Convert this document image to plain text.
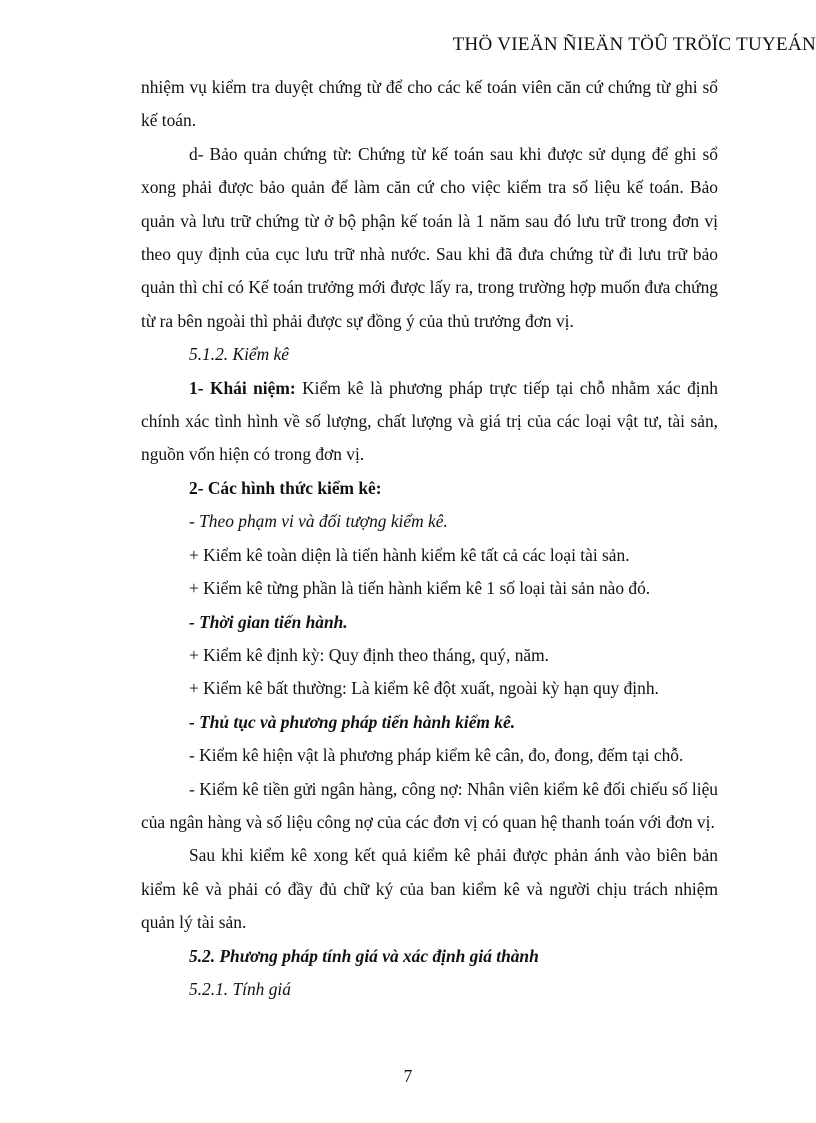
THÖ VIEÄN ÑIEÄN TÖÛ TRÖÏC TUYEÁN

nhiệm vụ kiểm tra duyệt chứng từ để cho các kế toán viên căn cứ chứng từ ghi sổ kế toán.

d- Bảo quản chứng từ: Chứng từ kế toán sau khi được sử dụng để ghi sổ xong phải được bảo quản để làm căn cứ cho việc kiểm tra số liệu kế toán. Bảo quản và lưu trữ chứng từ ở bộ phận kế toán là 1 năm sau đó lưu trữ trong đơn vị theo quy định của cục lưu trữ nhà nước. Sau khi đã đưa chứng từ đi lưu trữ bảo quản thì chỉ có Kế toán trưởng mới được lấy ra, trong trường hợp muốn đưa chứng từ ra bên ngoài thì phải được sự đồng ý của thủ trưởng đơn vị.

5.1.2. Kiểm kê

1- Khái niệm: Kiểm kê là phương pháp trực tiếp tại chỗ nhằm xác định chính xác tình hình về số lượng, chất lượng và giá trị của các loại vật tư, tài sản, nguồn vốn hiện có trong đơn vị.

2- Các hình thức kiểm kê:

- Theo phạm vi và đối tượng kiểm kê.

+ Kiểm kê toàn diện là tiến hành kiểm kê tất cả các loại tài sản.

+ Kiểm kê từng phần là tiến hành kiểm kê 1 số loại tài sản nào đó.

- Thời gian tiến hành.

+ Kiểm kê định kỳ: Quy định theo tháng, quý, năm.

+ Kiểm kê bất thường: Là kiểm kê đột xuất, ngoài kỳ hạn quy định.

- Thủ tục và phương pháp tiến hành kiểm kê.

- Kiểm kê hiện vật là phương pháp kiểm kê cân, đo, đong, đếm tại chỗ.

- Kiểm kê tiền gửi ngân hàng, công nợ: Nhân viên kiểm kê đối chiếu số liệu của ngân hàng và số liệu công nợ của các đơn vị có quan hệ thanh toán với đơn vị.

Sau khi kiểm kê xong kết quả kiểm kê phải được phản ánh vào biên bản kiểm kê và phải có đầy đủ chữ ký của ban kiểm kê và người chịu trách nhiệm quản lý tài sản.

5.2. Phương pháp tính giá và xác định giá thành

5.2.1. Tính giá

7
